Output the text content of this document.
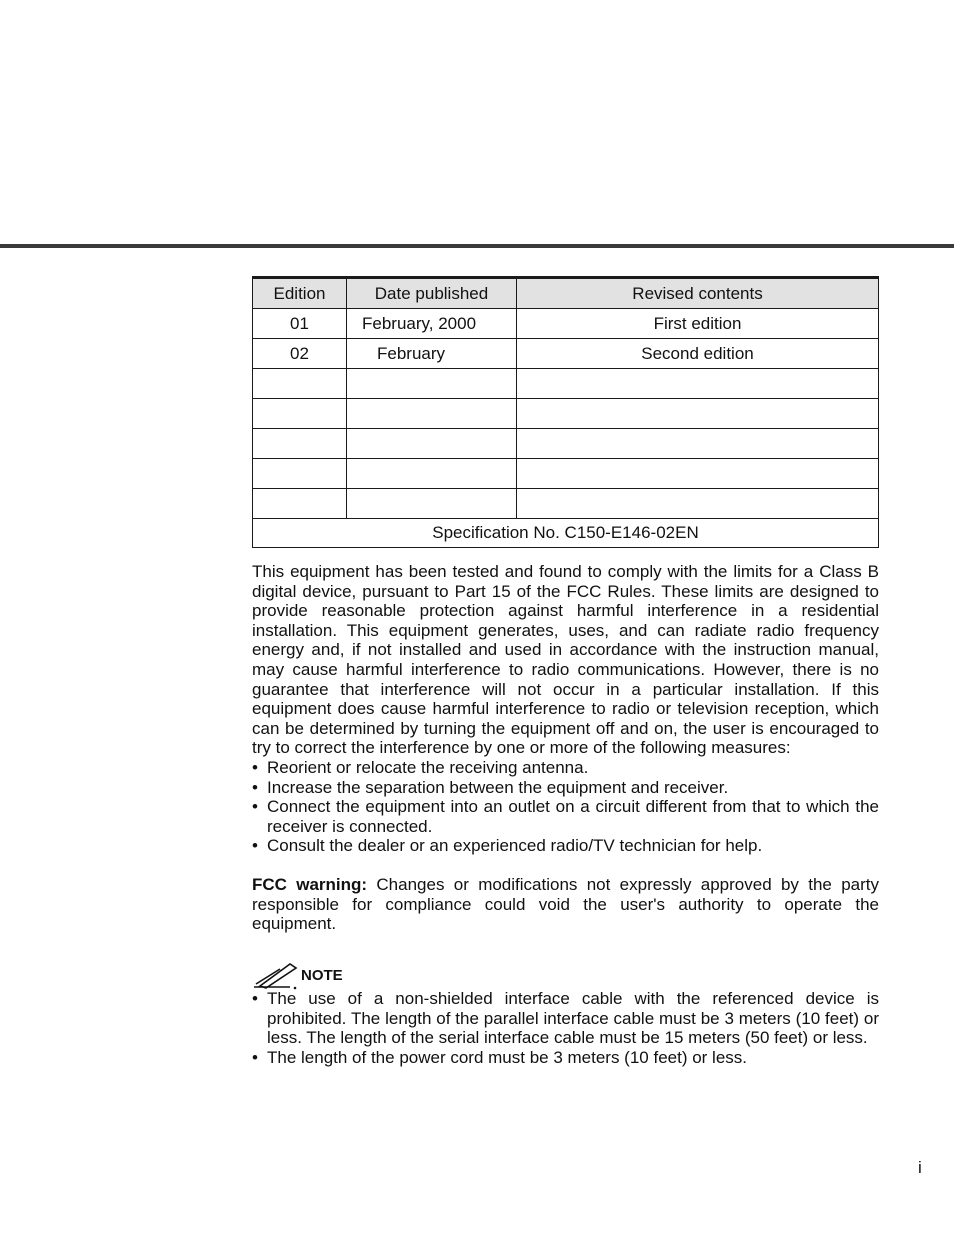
Edition	Date published	Revised contents
01	February, 2000	First edition
02	February	Second edition

Specification No. C150-E146-02EN		

This equipment has been tested and found to comply with the limits for a Class B digital device, pursuant to Part 15 of the FCC Rules. These limits are designed to provide reasonable protection against harmful interference in a residential installation. This equipment generates, uses, and can radiate radio frequency energy and, if not installed and used in accordance with the instruction manual, may cause harmful interference to radio communications. However, there is no guarantee that interference will not occur in a particular installation. If this equipment does cause harmful interference to radio or television reception, which can be determined by turning the equipment off and on, the user is encouraged to try to correct the interference by one or more of the following measures:

• Reorient or relocate the receiving antenna.
• Increase the separation between the equipment and receiver.
• Connect the equipment into an outlet on a circuit different from that to which the receiver is connected.
• Consult the dealer or an experienced radio/TV technician for help.

FCC warning: Changes or modifications not expressly approved by the party responsible for compliance could void the user's authority to operate the equipment.

NOTE
• The use of a non-shielded interface cable with the referenced device is prohibited. The length of the parallel interface cable must be 3 meters (10 feet) or less. The length of the serial interface cable must be 15 meters (50 feet) or less.
• The length of the power cord must be 3 meters (10 feet) or less.
i
